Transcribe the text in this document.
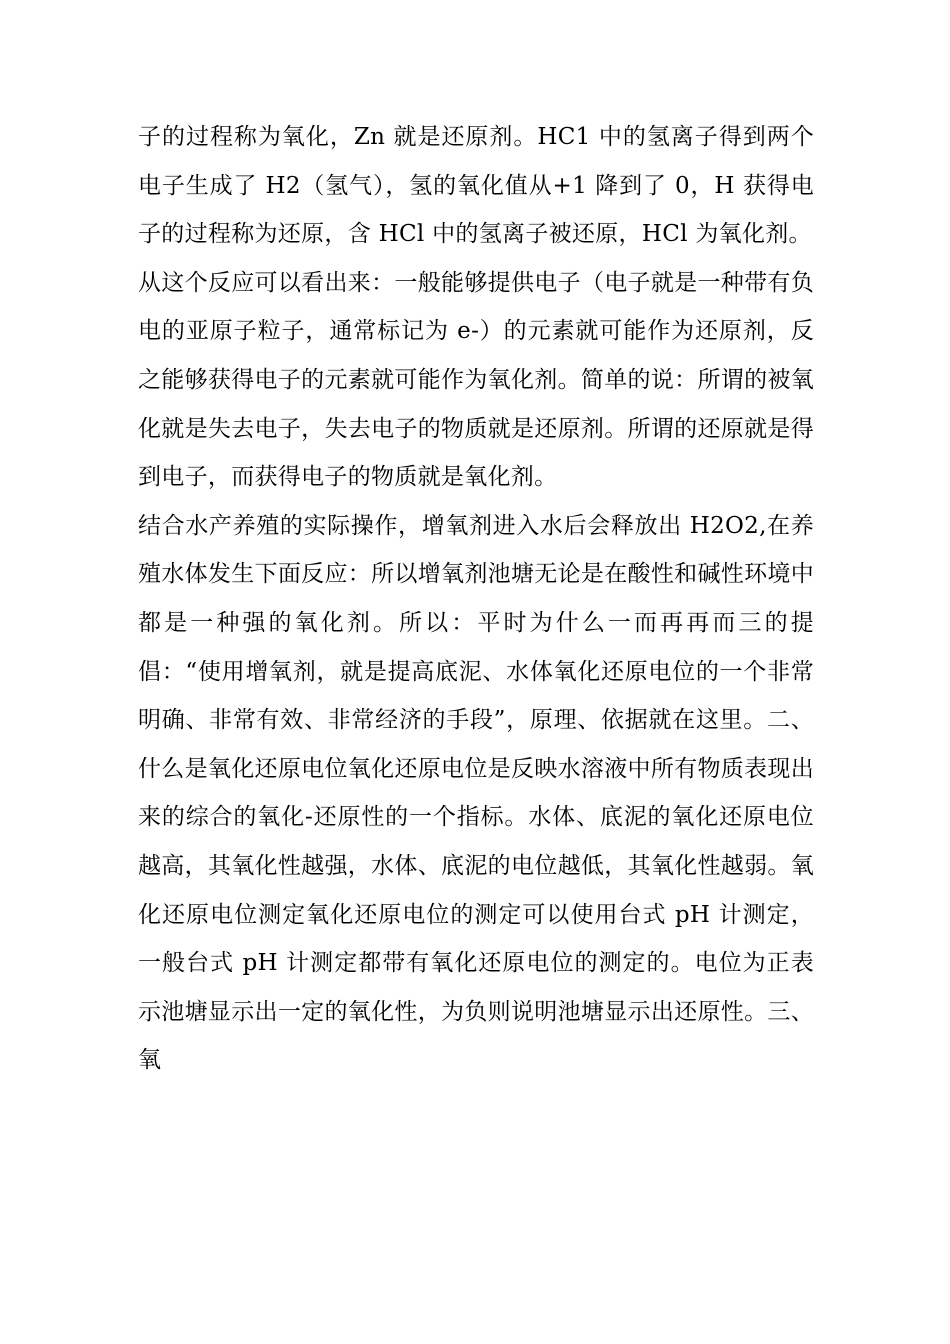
子的过程称为氧化，Zn 就是还原剂。HC1 中的氢离子得到两个电子生成了 H2（氢气），氢的氧化值从+1 降到了 0，H 获得电子的过程称为还原，含 HCl 中的氢离子被还原，HCl 为氧化剂。

从这个反应可以看出来：一般能够提供电子（电子就是一种带有负电的亚原子粒子，通常标记为 e-）的元素就可能作为还原剂，反之能够获得电子的元素就可能作为氧化剂。简单的说：所谓的被氧化就是失去电子，失去电子的物质就是还原剂。所谓的还原就是得到电子，而获得电子的物质就是氧化剂。

结合水产养殖的实际操作，增氧剂进入水后会释放出 H2O2,在养殖水体发生下面反应：所以增氧剂池塘无论是在酸性和碱性环境中都是一种强的氧化剂。所以：平时为什么一而再再而三的提倡：“使用增氧剂，就是提高底泥、水体氧化还原电位的一个非常明确、非常有效、非常经济的手段”，原理、依据就在这里。二、什么是氧化还原电位氧化还原电位是反映水溶液中所有物质表现出来的综合的氧化-还原性的一个指标。水体、底泥的氧化还原电位越高，其氧化性越强，水体、底泥的电位越低，其氧化性越弱。氧化还原电位测定氧化还原电位的测定可以使用台式 pH 计测定，一般台式 pH 计测定都带有氧化还原电位的测定的。电位为正表示池塘显示出一定的氧化性，为负则说明池塘显示出还原性。三、氧
